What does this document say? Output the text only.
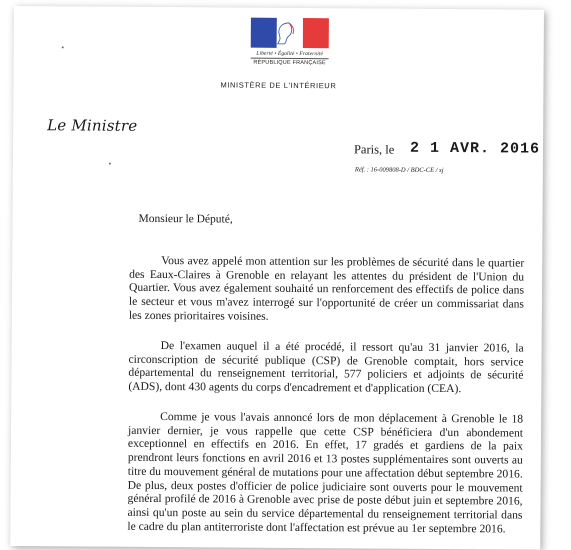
Liberté • Égalité • Fraternité
RÉPUBLIQUE FRANÇAISE
MINISTÈRE DE L'INTÉRIEUR
Le Ministre
Paris, le 2 1 AVR. 2016
Réf. : 16-009808-D / BDC-CE / sj
Monsieur le Député,

Vous avez appelé mon attention sur les problèmes de sécurité dans le quartier des Eaux-Claires à Grenoble en relayant les attentes du président de l'Union du Quartier. Vous avez également souhaité un renforcement des effectifs de police dans le secteur et vous m'avez interrogé sur l'opportunité de créer un commissariat dans les zones prioritaires voisines.

De l'examen auquel il a été procédé, il ressort qu'au 31 janvier 2016, la circonscription de sécurité publique (CSP) de Grenoble comptait, hors service départemental du renseignement territorial, 577 policiers et adjoints de sécurité (ADS), dont 430 agents du corps d'encadrement et d'application (CEA).

Comme je vous l'avais annoncé lors de mon déplacement à Grenoble le 18 janvier dernier, je vous rappelle que cette CSP bénéficiera d'un abondement exceptionnel en effectifs en 2016. En effet, 17 gradés et gardiens de la paix prendront leurs fonctions en avril 2016 et 13 postes supplémentaires sont ouverts au titre du mouvement général de mutations pour une affectation début septembre 2016. De plus, deux postes d'officier de police judiciaire sont ouverts pour le mouvement général profilé de 2016 à Grenoble avec prise de poste début juin et septembre 2016, ainsi qu'un poste au sein du service départemental du renseignement territorial dans le cadre du plan antiterroriste dont l'affectation est prévue au 1er septembre 2016.
